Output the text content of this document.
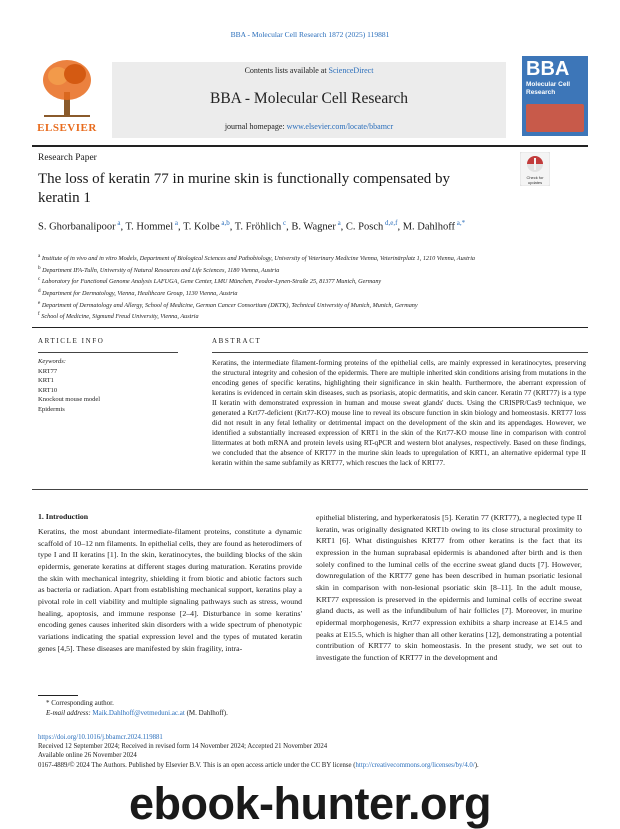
BBA - Molecular Cell Research 1872 (2025) 119881
ELSEVIER
Contents lists available at ScienceDirect
BBA - Molecular Cell Research
journal homepage: www.elsevier.com/locate/bbamcr
BBA
Molecular Cell Research
Research Paper
The loss of keratin 77 in murine skin is functionally compensated by keratin 1
Check for updates
S. Ghorbanalipoor $^a$, T. Hommel $^a$, T. Kolbe $^{a,b}$, T. Fröhlich $^c$, B. Wagner $^a$, C. Posch $^{d,e,f}$, M. Dahlhoff $^{a,*}$
$^a$ Institute of in vivo and in vitro Models, Department of Biological Sciences and Pathobiology, University of Veterinary Medicine Vienna, Veterinärplatz 1, 1210 Vienna, Austria
$^b$ Department IFA-Tulln, University of Natural Resources and Life Sciences, 1180 Vienna, Austria
$^c$ Laboratory for Functional Genome Analysis LAFUGA, Gene Center, LMU München, Feodor-Lynen-Straße 25, 81377 Munich, Germany
$^d$ Department for Dermatology, Vienna, Healthcare Group, 1130 Vienna, Austria
$^e$ Department of Dermatology and Allergy, School of Medicine, German Cancer Consortium (DKTK), Technical University of Munich, Munich, Germany
$^f$ School of Medicine, Sigmund Freud University, Vienna, Austria
ARTICLE INFO	ABSTRACT
Keywords:
KRT77
KRT1
KRT10
Knockout mouse model
Epidermis
Keratins, the intermediate filament-forming proteins of the epithelial cells, are mainly expressed in keratinocytes, preserving the structural integrity and cohesion of the epidermis. There are multiple inherited skin conditions arising from mutations in the encoding genes of specific keratins, highlighting their significance in skin health. Furthermore, the aberrant expression of keratins is evidenced in certain skin diseases, such as psoriasis, atopic dermatitis, and skin cancer. Keratin 77 (KRT77) is a type II keratin with demonstrated expression in human and mouse sweat glands' ducts. Using the CRISPR/Cas9 technique, we generated a Krt77-deficient (Krt77-KO) mouse line to reveal its obscure function in skin biology and homeostasis. KRT77 loss did not result in any fetal lethality or detrimental impact on the development of the skin and its appendages. However, we identified a substantially increased expression of KRT1 in the skin of the Krt77-KO mouse line in comparison with control littermates at both mRNA and protein levels using RT-qPCR and western blot analyses, respectively. Based on these findings, we concluded that the absence of KRT77 in the murine skin leads to upregulation of KRT1, an alternative epidermal type II keratin within the same subfamily as KRT77, which rescues the lack of KRT77.
1. Introduction
Keratins, the most abundant intermediate-filament proteins, constitute a dynamic scaffold of 10–12 nm filaments. In epithelial cells, they are found as heterodimers of type I and II keratins [1]. In the skin, keratinocytes, the building blocks of the skin epidermis, generate keratins at different stages during maturation. Keratins provide the skin with mechanical integrity, shielding it from biotic and abiotic factors such as bacteria or radiation. Apart from establishing mechanical support, keratins play a pivotal role in cell viability and multiple signaling pathways such as stress, wound healing, apoptosis, and immune response [2–4]. Disturbance in some keratins' encoding genes causes inherited skin disorders with a wide spectrum of phenotypic variations indicating the spatial expression level and the types of mutated keratin genes [4,5]. These diseases are manifested by skin fragility, intra-
epithelial blistering, and hyperkeratosis [5]. Keratin 77 (KRT77), a neglected type II keratin, was originally designated KRT1b owing to its close structural proximity to KRT1 [6]. What distinguishes KRT77 from other keratins is the fact that its expression in the human suprabasal epidermis is abandoned after birth and is then solely confined to the luminal cells of the eccrine sweat gland ducts [7]. However, downregulation of the KRT77 gene has been described in human psoriatic lesional skin in comparison with non-lesional psoriatic skin [8–11]. In the adult mouse, KRT77 expression is preserved in the epidermis and luminal cells of eccrine sweat gland ducts, as well as the infundibulum of hair follicles [7]. Moreover, in murine epidermal morphogenesis, Krt77 expression exhibits a sharp increase at E14.5 and peaks at E15.5, which is higher than all other keratins [12], demonstrating a potential contribution of KRT77 to skin homeostasis. In the present study, we set out to investigate the function of KRT77 in the development and
* Corresponding author.
E-mail address: Maik.Dahlhoff@vetmeduni.ac.at (M. Dahlhoff).
https://doi.org/10.1016/j.bbamcr.2024.119881
Received 12 September 2024; Received in revised form 14 November 2024; Accepted 21 November 2024
Available online 26 November 2024
0167-4889/© 2024 The Authors. Published by Elsevier B.V. This is an open access article under the CC BY license (http://creativecommons.org/licenses/by/4.0/).
ebook-hunter.org
